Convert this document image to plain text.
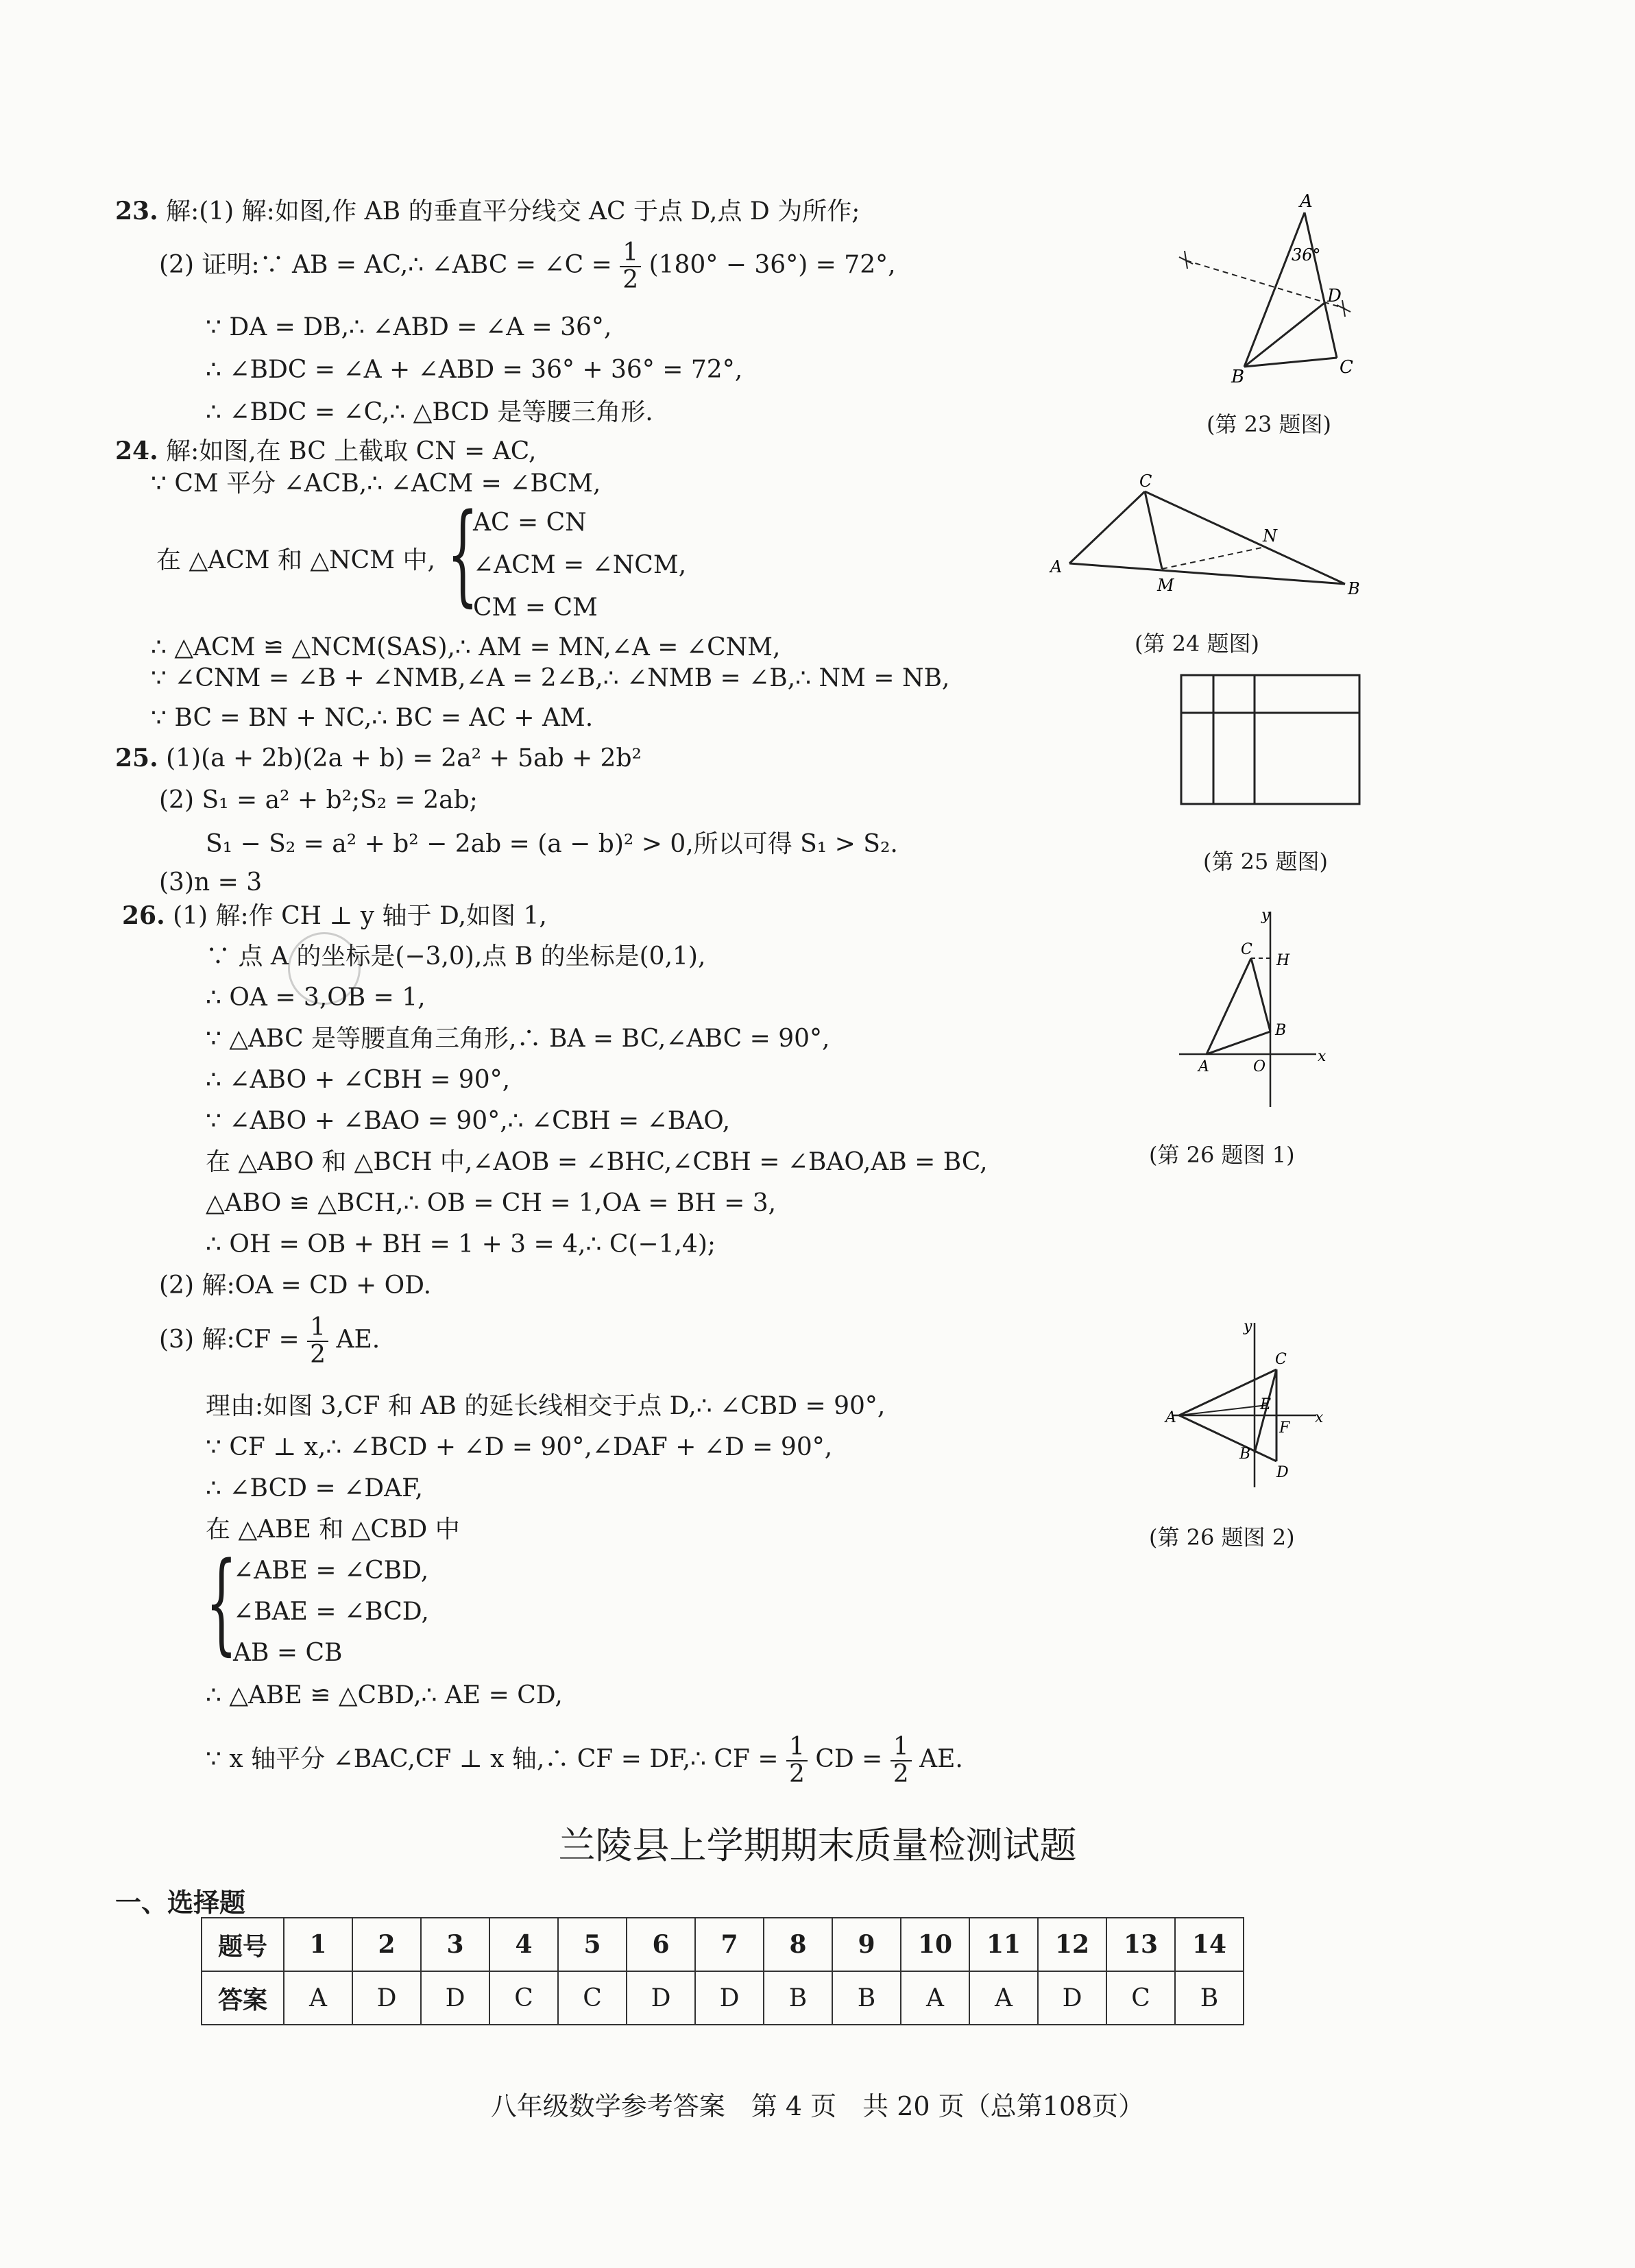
23. 解:(1) 解:如图,作 AB 的垂直平分线交 AC 于点 D,点 D 为所作;
(2) 证明:∵ AB = AC,∴ ∠ABC = ∠C = $\frac{1}{2} (180^\circ - 36^\circ) = 72^\circ$,
∵ DA = DB,∴ ∠ABD = ∠A = 36°,
∴ ∠BDC = ∠A + ∠ABD = 36° + 36° = 72°,
∴ ∠BDC = ∠C,∴ △BCD 是等腰三角形.
A
36°
D
B	C
(第 23 题图)
24. 解:如图,在 BC 上截取 CN = AC,
∵ CM 平分 ∠ACB,∴ ∠ACM = ∠BCM,
在 △ACM 和 △NCM 中, {
AC = CN
∠ACM = ∠NCM,
CM = CM
∴ △ACM ≌ △NCM(SAS),∴ AM = MN,∠A = ∠CNM,
∵ ∠CNM = ∠B + ∠NMB,∠A = 2∠B,∴ ∠NMB = ∠B,∴ NM = NB,
∵ BC = BN + NC,∴ BC = AC + AM.
C
A
M
N
B
(第 24 题图)
25. (1)(a + 2b)(2a + b) = 2a² + 5ab + 2b²
(2) S₁ = a² + b²;S₂ = 2ab;
S₁ − S₂ = a² + b² − 2ab = (a − b)² > 0,所以可得 S₁ > S₂.
(3)n = 3
(第 25 题图)
26. (1) 解:作 CH ⊥ y 轴于 D,如图 1,
∵ 点 A 的坐标是(−3,0),点 B 的坐标是(0,1),
∴ OA = 3,OB = 1,
∵ △ABC 是等腰直角三角形,∴ BA = BC,∠ABC = 90°,
∴ ∠ABO + ∠CBH = 90°,
∵ ∠ABO + ∠BAO = 90°,∴ ∠CBH = ∠BAO,
在 △ABO 和 △BCH 中,∠AOB = ∠BHC,∠CBH = ∠BAO,AB = BC,
△ABO ≌ △BCH,∴ OB = CH = 1,OA = BH = 3,
∴ OH = OB + BH = 1 + 3 = 4,∴ C(−1,4);
(2) 解:OA = CD + OD.
(3) 解:CF = $\frac{1}{2}$ AE.
理由:如图 3,CF 和 AB 的延长线相交于点 D,∴ ∠CBD = 90°,
∵ CF ⊥ x,∴ ∠BCD + ∠D = 90°,∠DAF + ∠D = 90°,
∴ ∠BCD = ∠DAF,
在 △ABE 和 △CBD 中
{
∠ABE = ∠CBD,
∠BAE = ∠BCD,
AB = CB
∴ △ABE ≌ △CBD,∴ AE = CD,
∵ x 轴平分 ∠BAC,CF ⊥ x 轴,∴ CF = DF,∴ CF = $\frac{1}{2}$ CD = $\frac{1}{2}$ AE.
y
x
C
H
B
A	O
(第 26 题图 1)
y
x
C
E
A
F
B
D
(第 26 题图 2)
兰陵县上学期期末质量检测试题
一、选择题
题号	1	2	3	4	5	6	7	8	9	10	11	12	13	14
答案	A	D	D	C	C	D	D	B	B	A	A	D	C	B
八年级数学参考答案　第 4 页　共 20 页（总第108页）
